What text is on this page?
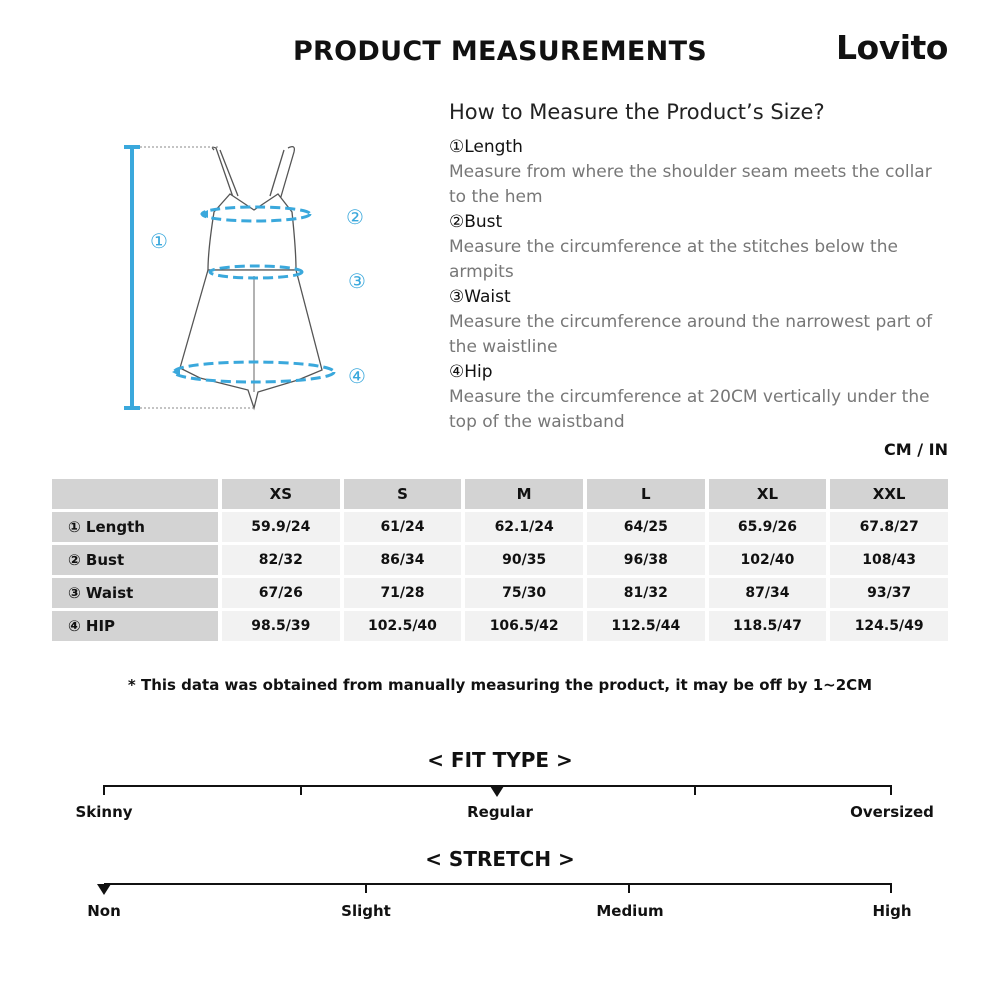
PRODUCT MEASUREMENTS	Lovito
①
②
③
④
How to Measure the Product’s Size?
①Length
Measure from where the shoulder seam meets the collar
to the hem
②Bust
Measure the circumference at the stitches below the
armpits
③Waist
Measure the circumference around the narrowest part of
the waistline
④Hip
Measure the circumference at 20CM vertically under the
top of the waistband
CM / IN
	XS	S	M	L	XL	XXL
① Length	59.9/24	61/24	62.1/24	64/25	65.9/26	67.8/27
② Bust	82/32	86/34	90/35	96/38	102/40	108/43
③ Waist	67/26	71/28	75/30	81/32	87/34	93/37
④ HIP	98.5/39	102.5/40	106.5/42	112.5/44	118.5/47	124.5/49
* This data was obtained from manually measuring the product, it may be off by 1~2CM
< FIT TYPE >
Skinny	Regular	Oversized
< STRETCH >
Non	Slight	Medium	High
